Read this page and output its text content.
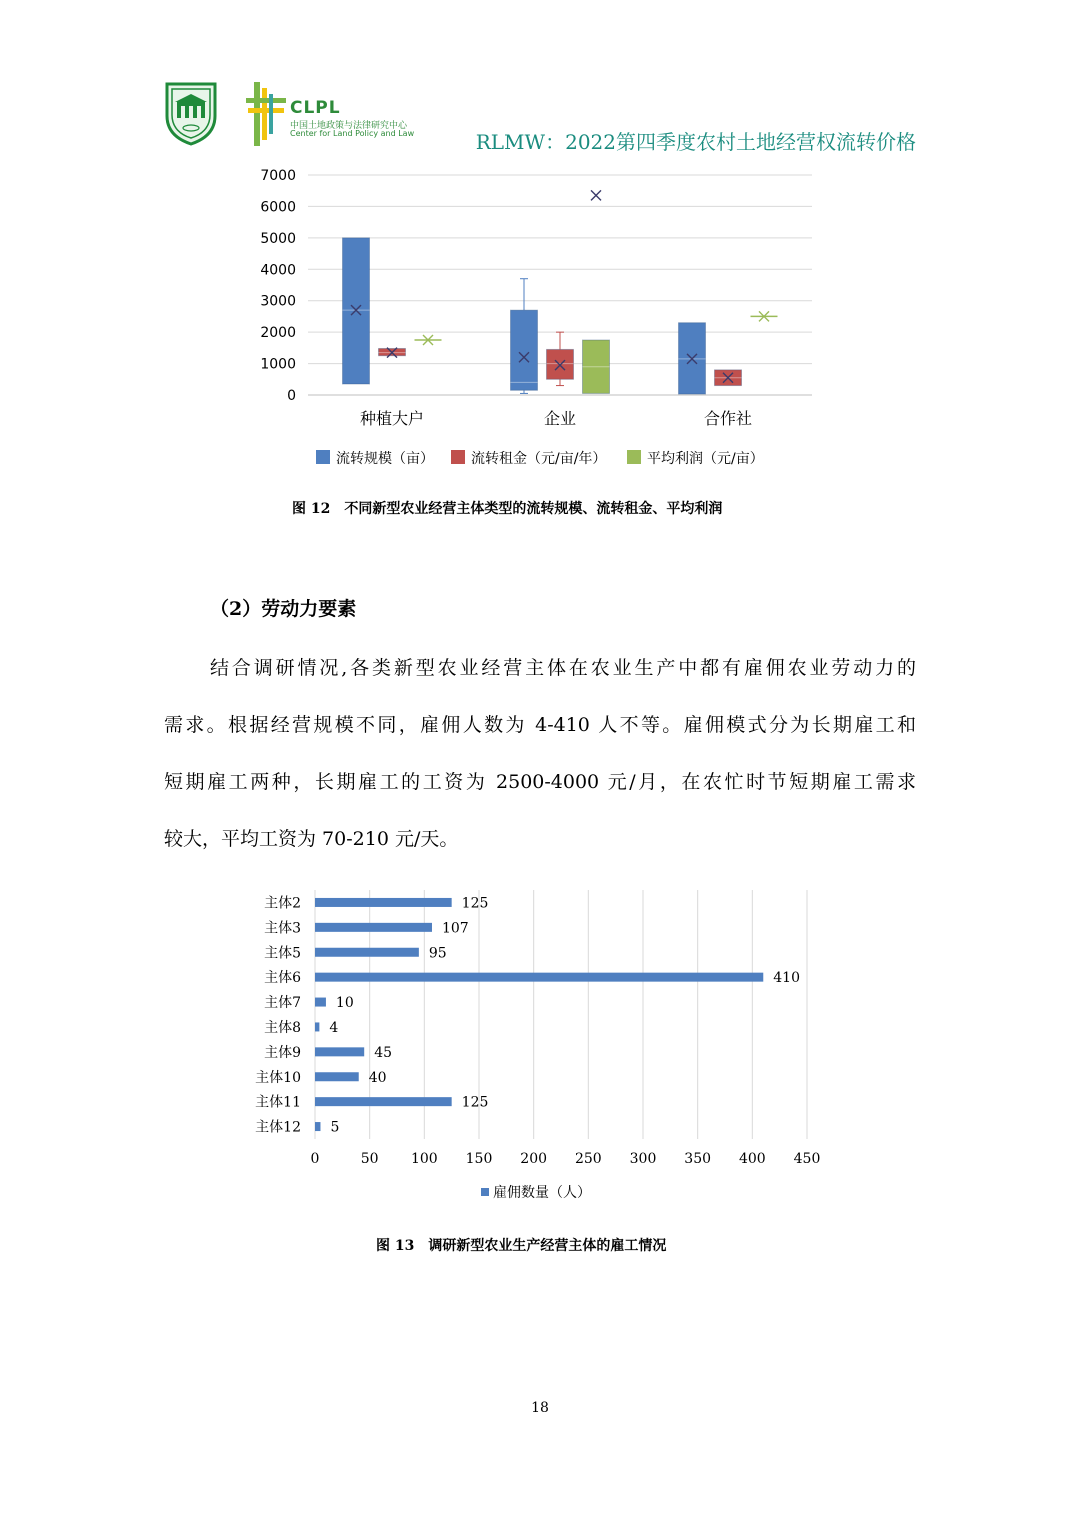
CLPL
中国土地政策与法律研究中心
Center for Land Policy and Law	RLMW：2022第四季度农村土地经营权流转价格
0
1000
2000
3000
4000
5000
6000
7000
种植大户	企业	合作社
流转规模（亩）	流转租金（元/亩/年）	平均利润（元/亩）
图 12　不同新型农业经营主体类型的流转规模、流转租金、平均利润
（2）劳动力要素
结合调研情况,各类新型农业经营主体在农业生产中都有雇佣农业劳动力的
需求。根据经营规模不同，雇佣人数为 4-410 人不等。雇佣模式分为长期雇工和
短期雇工两种，长期雇工的工资为 2500-4000 元/月，在农忙时节短期雇工需求
较大，平均工资为 70-210 元/天。
主体2
主体3
主体5
主体6
主体7
主体8
主体9
主体10
主体11
主体12
125
107
95
410
10
4
45
40
125
5
0	50 100 150 200 250 300 350 400 450
雇佣数量（人）
图 13　调研新型农业生产经营主体的雇工情况
18
